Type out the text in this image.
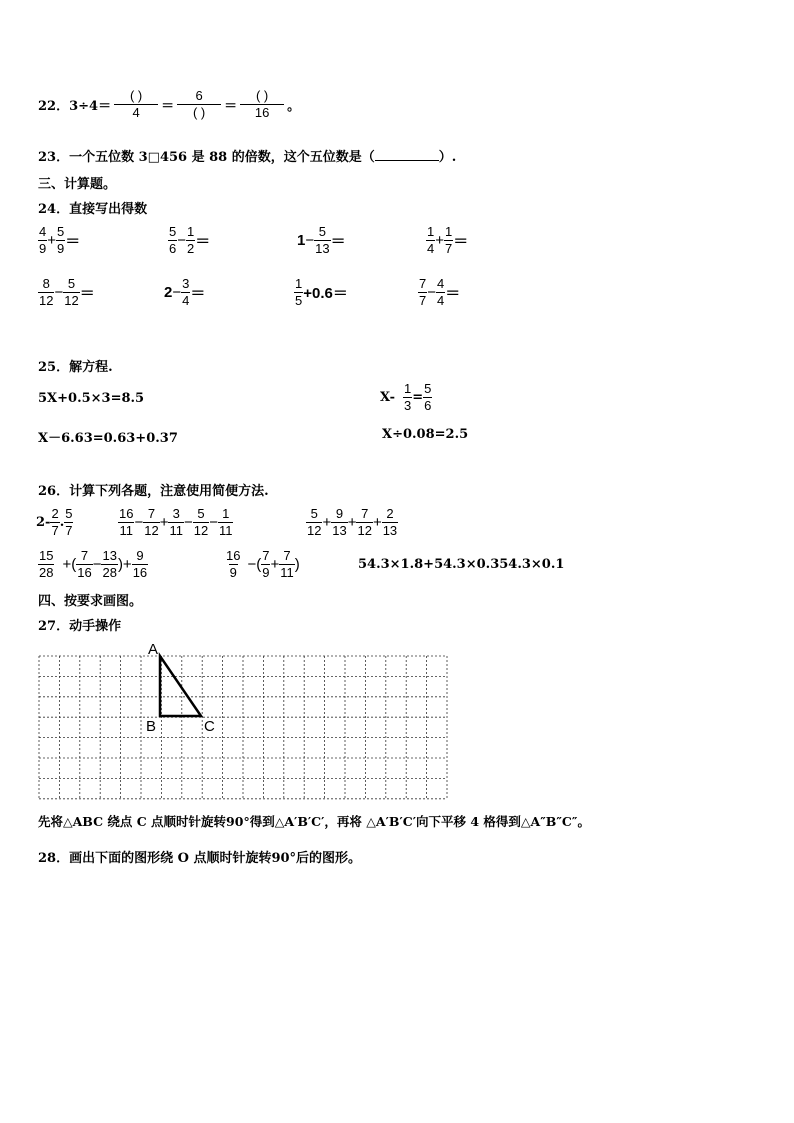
22．$3\div 4= \frac{( )}{4} = \frac{6}{( )} = \frac{( )}{16}$ 。
23．一个五位数 3□456 是 88 的倍数，这个五位数是（	）.
三、计算题。
24．直接写出得数
$\frac{4}{9} + \frac{5}{9}$ ＝	$\frac{5}{6} - \frac{1}{2}$ ＝	$1 - \frac{5}{13}$ ＝	$\frac{1}{4} + \frac{1}{7}$ ＝
$\frac{8}{12} - \frac{5}{12}$ ＝	$2 - \frac{3}{4}$ ＝	$\frac{1}{5} +0.6=$	$\frac{7}{7} - \frac{4}{4}$ ＝
25．解方程.
5X+0.5×3=8.5	$X- \frac{1}{3} = \frac{5}{6}$
X－6.63=0.63+0.37	X÷0.08=2.5
26．计算下列各题，注意使用简便方法.
$2- \frac{2}{7}$ . $\frac{5}{7}$	$\frac{16}{11} - \frac{7}{12} + \frac{3}{11} - \frac{5}{12} - \frac{1}{11}$	$\frac{5}{12} + \frac{9}{13} + \frac{7}{12} + \frac{2}{13}$
$\frac{15}{28}$ +( $\frac{7}{16} - \frac{13}{28}$ )+ $\frac{9}{16}$	$\frac{16}{9}$ −( $\frac{7}{9} + \frac{7}{11}$ )	54.3×1.8+54.3×0.354.3×0.1
四、按要求画图。
27．动手操作
A
B	C
先将△ABC 绕点 C 点顺时针旋转90°得到△A′B′C′，再将 △A′B′C′向下平移 4 格得到△A″B″C″。
28．画出下面的图形绕 O 点顺时针旋转90°后的图形。
